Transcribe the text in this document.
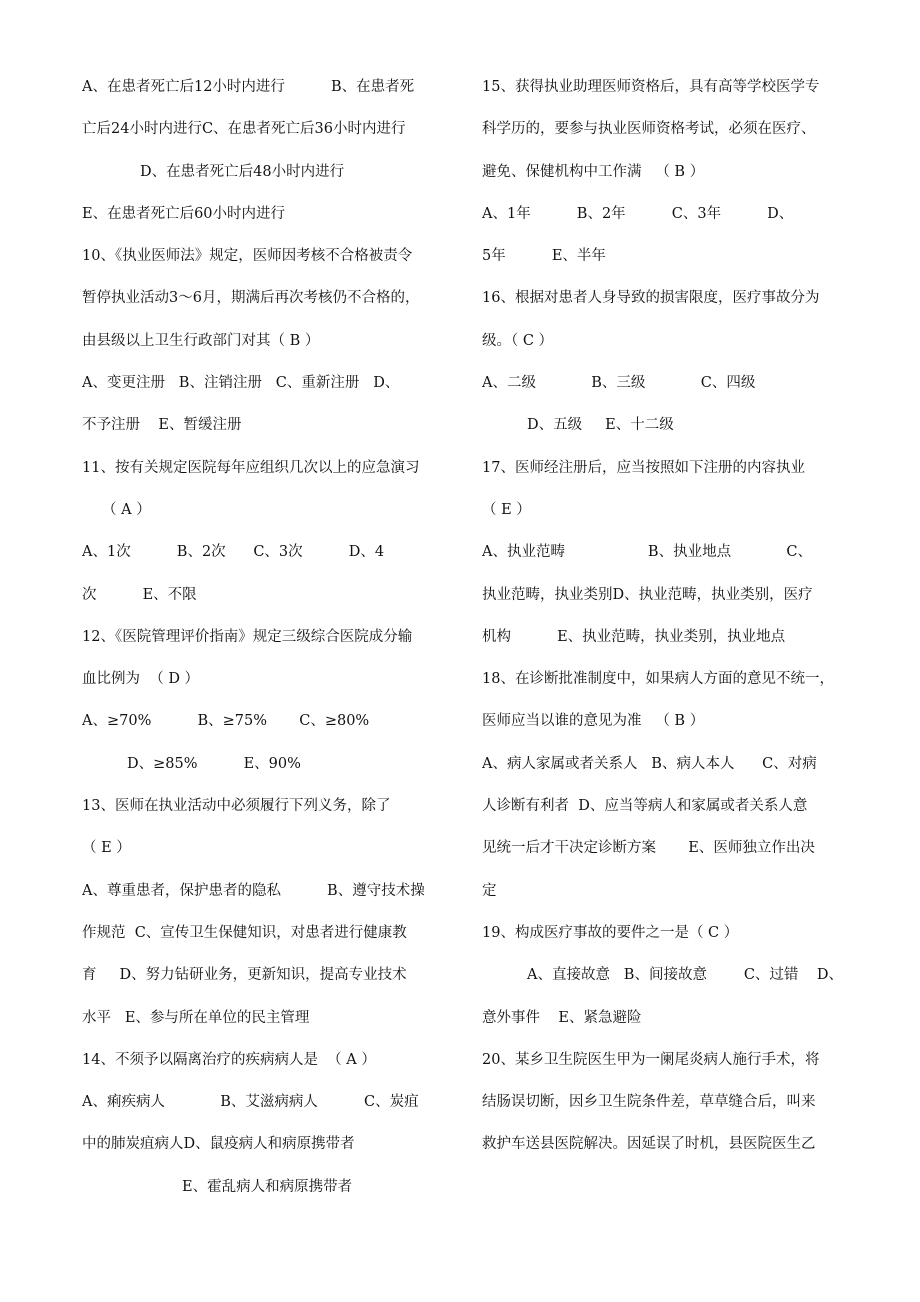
A、在患者死亡后12小时内进行          B、在患者死
亡后24小时内进行C、在患者死亡后36小时内进行
D、在患者死亡后48小时内进行
E、在患者死亡后60小时内进行
10、《执业医师法》规定，医师因考核不合格被责令
暂停执业活动3～6月，期满后再次考核仍不合格的，
由县级以上卫生行政部门对其（ B ）
A、变更注册   B、注销注册   C、重新注册   D、
不予注册    E、暂缓注册
11、按有关规定医院每年应组织几次以上的应急演习
（ A ）
A、1次          B、2次      C、3次          D、4
次          E、不限
12、《医院管理评价指南》规定三级综合医院成分输
血比例为  （ D ）
A、≥70%          B、≥75%       C、≥80%
D、≥85%          E、90%
13、医师在执业活动中必须履行下列义务，除了
（ E ）
A、尊重患者，保护患者的隐私          B、遵守技术操
作规范  C、宣传卫生保健知识，对患者进行健康教
育     D、努力钻研业务，更新知识，提高专业技术
水平   E、参与所在单位的民主管理
14、不须予以隔离治疗的疾病病人是  （ A ）
A、痢疾病人            B、艾滋病病人          C、炭疽
中的肺炭疽病人D、鼠疫病人和病原携带者
E、霍乱病人和病原携带者
15、获得执业助理医师资格后，具有高等学校医学专
科学历的，要参与执业医师资格考试，必须在医疗、
避免、保健机构中工作满   （ B ）
A、1年          B、2年          C、3年          D、
5年          E、半年
16、根据对患者人身导致的损害限度，医疗事故分为
级。（ C ）
A、二级            B、三级            C、四级
D、五级     E、十二级
17、医师经注册后，应当按照如下注册的内容执业
（ E ）
A、执业范畴                  B、执业地点            C、
执业范畴，执业类别D、执业范畴，执业类别，医疗
机构          E、执业范畴，执业类别，执业地点
18、在诊断批准制度中，如果病人方面的意见不统一，
医师应当以谁的意见为准   （ B ）
A、病人家属或者关系人   B、病人本人      C、对病
人诊断有利者  D、应当等病人和家属或者关系人意
见统一后才干决定诊断方案       E、医师独立作出决
定
19、构成医疗事故的要件之一是（ C ）
A、直接故意   B、间接故意        C、过错    D、
意外事件    E、紧急避险
20、某乡卫生院医生甲为一阑尾炎病人施行手术，将
结肠误切断，因乡卫生院条件差，草草缝合后，叫来
救护车送县医院解决。因延误了时机，县医院医生乙
